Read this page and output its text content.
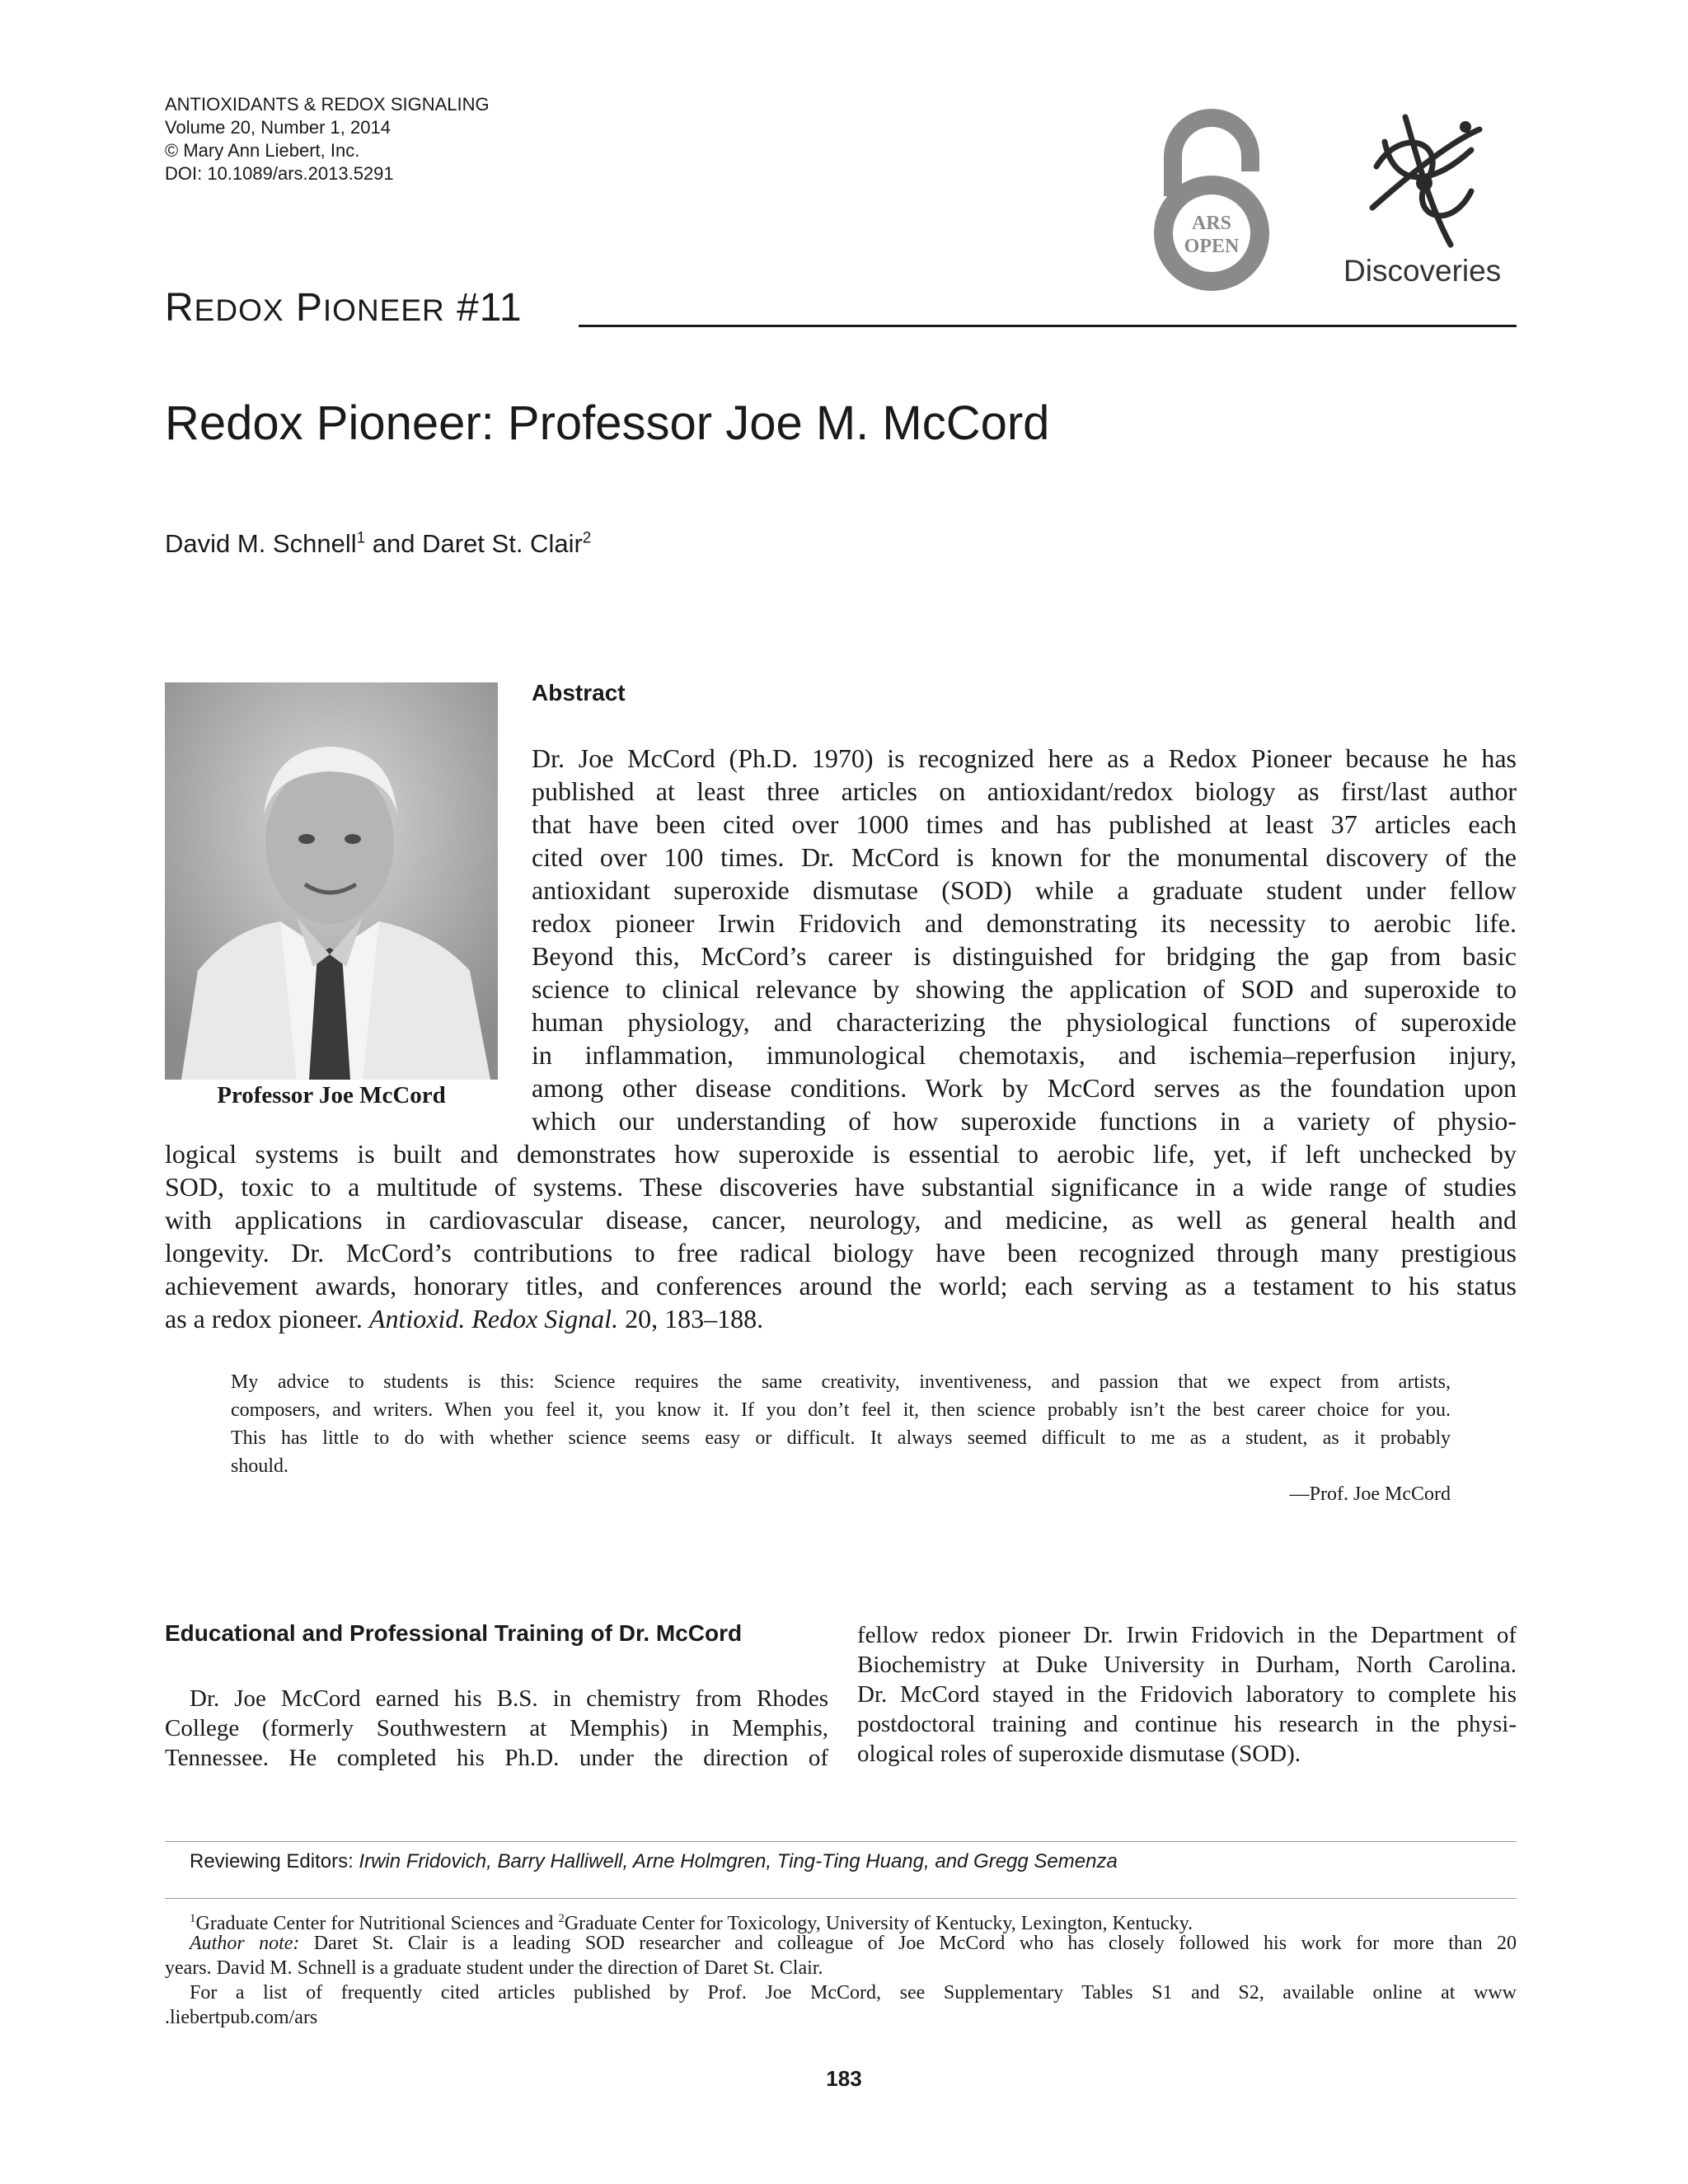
ANTIOXIDANTS & REDOX SIGNALING
Volume 20, Number 1, 2014
© Mary Ann Liebert, Inc.
DOI: 10.1089/ars.2013.5291
ARS
OPEN
Discoveries
REDOX PIONEER #11
Redox Pioneer: Professor Joe M. McCord
David M. Schnell$^1$ and Daret St. Clair$^2$
Professor Joe McCord
Abstract
Dr. Joe McCord (Ph.D. 1970) is recognized here as a Redox Pioneer because he has
published at least three articles on antioxidant/redox biology as first/last author
that have been cited over 1000 times and has published at least 37 articles each
cited over 100 times. Dr. McCord is known for the monumental discovery of the
antioxidant superoxide dismutase (SOD) while a graduate student under fellow
redox pioneer Irwin Fridovich and demonstrating its necessity to aerobic life.
Beyond this, McCord’s career is distinguished for bridging the gap from basic
science to clinical relevance by showing the application of SOD and superoxide to
human physiology, and characterizing the physiological functions of superoxide
in inflammation, immunological chemotaxis, and ischemia–reperfusion injury,
among other disease conditions. Work by McCord serves as the foundation upon
which our understanding of how superoxide functions in a variety of physio-
logical systems is built and demonstrates how superoxide is essential to aerobic life, yet, if left unchecked by
SOD, toxic to a multitude of systems. These discoveries have substantial significance in a wide range of studies
with applications in cardiovascular disease, cancer, neurology, and medicine, as well as general health and
longevity. Dr. McCord’s contributions to free radical biology have been recognized through many prestigious
achievement awards, honorary titles, and conferences around the world; each serving as a testament to his status
as a redox pioneer. Antioxid. Redox Signal. 20, 183–188.
My advice to students is this: Science requires the same creativity, inventiveness, and passion that we expect from artists,
composers, and writers. When you feel it, you know it. If you don’t feel it, then science probably isn’t the best career choice for you.
This has little to do with whether science seems easy or difficult. It always seemed difficult to me as a student, as it probably
should.
—Prof. Joe McCord
Educational and Professional Training of Dr. McCord
Dr. Joe McCord earned his B.S. in chemistry from Rhodes
College (formerly Southwestern at Memphis) in Memphis,
Tennessee. He completed his Ph.D. under the direction of
fellow redox pioneer Dr. Irwin Fridovich in the Department of
Biochemistry at Duke University in Durham, North Carolina.
Dr. McCord stayed in the Fridovich laboratory to complete his
postdoctoral training and continue his research in the physi-
ological roles of superoxide dismutase (SOD).
Reviewing Editors: Irwin Fridovich, Barry Halliwell, Arne Holmgren, Ting-Ting Huang, and Gregg Semenza
$^1$Graduate Center for Nutritional Sciences and $^2$Graduate Center for Toxicology, University of Kentucky, Lexington, Kentucky.
Author note: Daret St. Clair is a leading SOD researcher and colleague of Joe McCord who has closely followed his work for more than 20
years. David M. Schnell is a graduate student under the direction of Daret St. Clair.
For a list of frequently cited articles published by Prof. Joe McCord, see Supplementary Tables S1 and S2, available online at www
.liebertpub.com/ars
183
